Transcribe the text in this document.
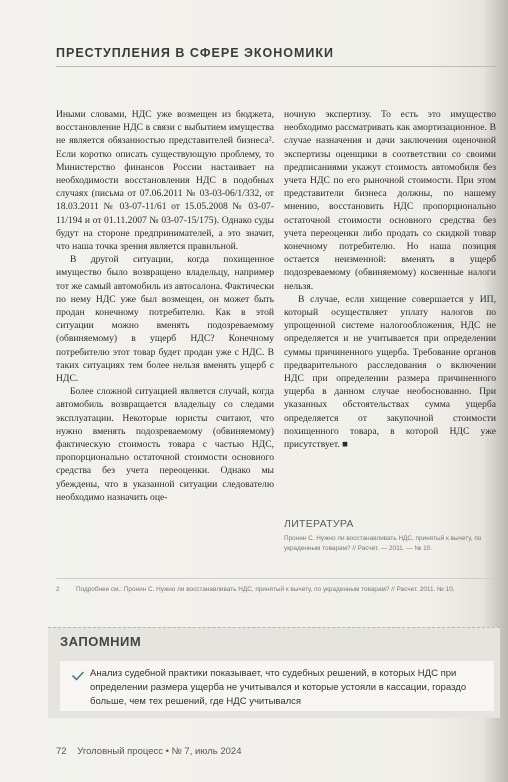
ПРЕСТУПЛЕНИЯ В СФЕРЕ ЭКОНОМИКИ

Иными словами, НДС уже возмещен из бюджета, восстановление НДС в связи с выбытием имущества не является обязанностью представителей бизнеса². Если коротко описать существующую проблему, то Министерство финансов России настаивает на необходимости восстановления НДС в подобных случаях (письма от 07.06.2011 № 03-03-06/1/332, от 18.03.2011 № 03-07-11/61 от 15.05.2008 № 03-07-11/194 и от 01.11.2007 № 03-07-15/175). Однако суды будут на стороне предпринимателей, а это значит, что наша точка зрения является правильной.

В другой ситуации, когда похищенное имущество было возвращено владельцу, например тот же самый автомобиль из автосалона. Фактически по нему НДС уже был возмещен, он может быть продан конечному потребителю. Как в этой ситуации можно вменять подозреваемому (обвиняемому) в ущерб НДС? Конечному потребителю этот товар будет продан уже с НДС. В таких ситуациях тем более нельзя вменять ущерб с НДС.

Более сложной ситуацией является случай, когда автомобиль возвращается владельцу со следами эксплуатации. Некоторые юристы считают, что нужно вменять подозреваемому (обвиняемому) фактическую стоимость товара с частью НДС, пропорционально остаточной стоимости основного средства без учета переоценки. Однако мы убеждены, что в указанной ситуации следователю необходимо назначить оце-

ночную экспертизу. То есть это имущество необходимо рассматривать как амортизационное. В случае назначения и дачи заключения оценочной экспертизы оценщики в соответствии со своими предписаниями укажут стоимость автомобиля без учета НДС по его рыночной стоимости. При этом представители бизнеса должны, по нашему мнению, восстановить НДС пропорционально остаточной стоимости основного средства без учета переоценки либо продать со скидкой товар конечному потребителю. Но наша позиция остается неизменной: вменять в ущерб подозреваемому (обвиняемому) косвенные налоги нельзя.

В случае, если хищение совершается у ИП, который осуществляет уплату налогов по упрощенной системе налогообложения, НДС не определяется и не учитывается при определении суммы причиненного ущерба. Требование органов предварительного расследования о включении НДС при определении размера причиненного ущерба в данном случае необоснованно. При указанных обстоятельствах сумма ущерба определяется от закупочной стоимости похищенного товара, в которой НДС уже присутствует. ■

ЛИТЕРАТУРА
Пронин С. Нужно ли восстанавливать НДС, принятый к вычету, по украденным товарам? // Расчет. — 2011. — № 10.
2	Подробнее см.: Пронин С. Нужно ли восстанавливать НДС, принятый к вычету, по украденным товарам? // Расчет. 2011. № 10.
ЗАПОМНИМ
Анализ судебной практики показывает, что судебных решений, в которых НДС при определении размера ущерба не учитывался и которые устояли в кассации, гораздо больше, чем тех решений, где НДС учитывался
72 Уголовный процесс • № 7, июль 2024
